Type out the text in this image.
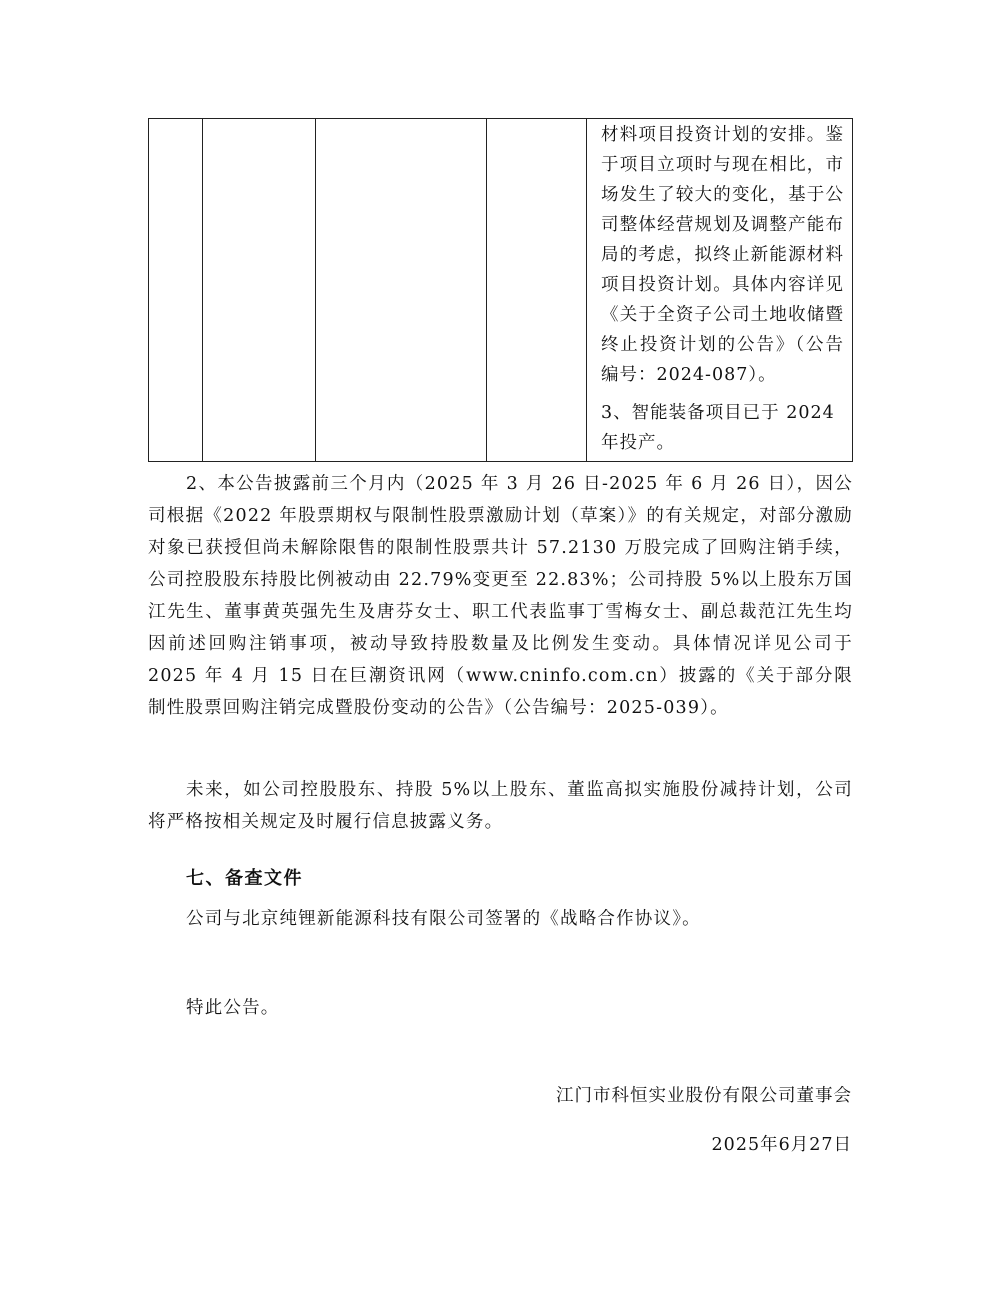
材料项目投资计划的安排。鉴于项目立项时与现在相比，市场发生了较大的变化，基于公司整体经营规划及调整产能布局的考虑，拟终止新能源材料项目投资计划。具体内容详见《关于全资子公司土地收储暨终止投资计划的公告》（公告编号：2024-087）。
3、智能装备项目已于 2024 年投产。

2、本公告披露前三个月内（2025 年 3 月 26 日-2025 年 6 月 26 日），因公司根据《2022 年股票期权与限制性股票激励计划（草案）》的有关规定，对部分激励对象已获授但尚未解除限售的限制性股票共计 57.2130 万股完成了回购注销手续，公司控股股东持股比例被动由 22.79%变更至 22.83%；公司持股 5%以上股东万国江先生、董事黄英强先生及唐芬女士、职工代表监事丁雪梅女士、副总裁范江先生均因前述回购注销事项，被动导致持股数量及比例发生变动。具体情况详见公司于 2025 年 4 月 15 日在巨潮资讯网（www.cninfo.com.cn）披露的《关于部分限制性股票回购注销完成暨股份变动的公告》（公告编号：2025-039）。

未来，如公司控股股东、持股 5%以上股东、董监高拟实施股份减持计划，公司将严格按相关规定及时履行信息披露义务。

七、备查文件

公司与北京纯锂新能源科技有限公司签署的《战略合作协议》。

特此公告。

江门市科恒实业股份有限公司董事会
2025年6月27日
